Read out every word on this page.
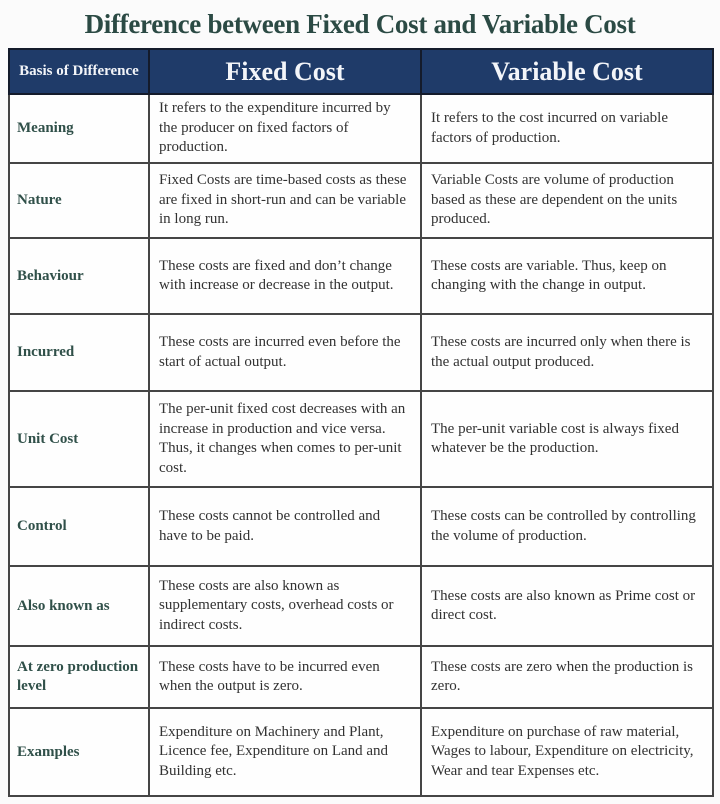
Difference between Fixed Cost and Variable Cost
Basis of Difference	Fixed Cost	Variable Cost
Meaning	It refers to the expenditure incurred by the producer on fixed factors of production.	It refers to the cost incurred on variable factors of production.
Nature	Fixed Costs are time-based costs as these are fixed in short-run and can be variable in long run.	Variable Costs are volume of production based as these are dependent on the units produced.
Behaviour	These costs are fixed and don’t change with increase or decrease in the output.	These costs are variable. Thus, keep on changing with the change in output.
Incurred	These costs are incurred even before the start of actual output.	These costs are incurred only when there is the actual output produced.
Unit Cost	The per-unit fixed cost decreases with an increase in production and vice versa. Thus, it changes when comes to per-unit cost.	The per-unit variable cost is always fixed whatever be the production.
Control	These costs cannot be controlled and have to be paid.	These costs can be controlled by controlling the volume of production.
Also known as	These costs are also known as supplementary costs, overhead costs or indirect costs.	These costs are also known as Prime cost or direct cost.
At zero production level	These costs have to be incurred even when the output is zero.	These costs are zero when the production is zero.
Examples	Expenditure on Machinery and Plant, Licence fee, Expenditure on Land and Building etc.	Expenditure on purchase of raw material, Wages to labour, Expenditure on electricity, Wear and tear Expenses etc.
